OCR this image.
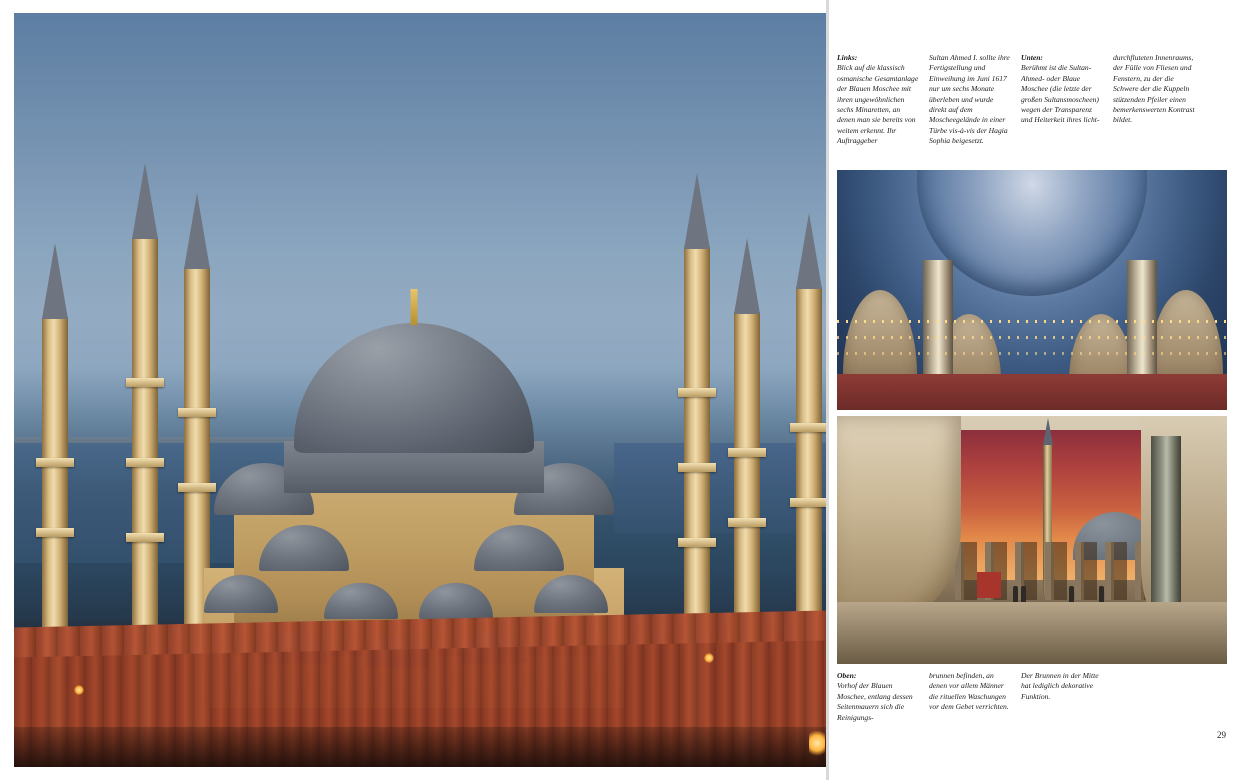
Links:
Blick auf die klassisch osmanische Gesamtanlage der Blauen Moschee mit ihren ungewöhnlichen sechs Minaretten, an denen man sie bereits von weitem erkennt. Ihr Auftraggeber
Sultan Ahmed I. sollte ihre Fertigstellung und Einweihung im Juni 1617 nur um sechs Monate überleben und wurde direkt auf dem Moscheegelände in einer Türbe vis-à-vis der Hagia Sophia beigesetzt.
Unten:
Berühmt ist die Sultan-Ahmed- oder Blaue Moschee (die letzte der großen Sultansmoscheen) wegen der Transparenz und Heiterkeit ihres licht-
durchfluteten Innenraums, der Fülle von Fliesen und Fenstern, zu der die Schwere der die Kuppeln stützenden Pfeiler einen bemerkenswerten Kontrast bildet.
Oben:
Vorhof der Blauen Moschee, entlang dessen Seitenmauern sich die Reinigungs-
brunnen befinden, an denen vor allem Männer die rituellen Waschungen vor dem Gebet verrichten.
Der Brunnen in der Mitte hat lediglich dekorative Funktion.
29
